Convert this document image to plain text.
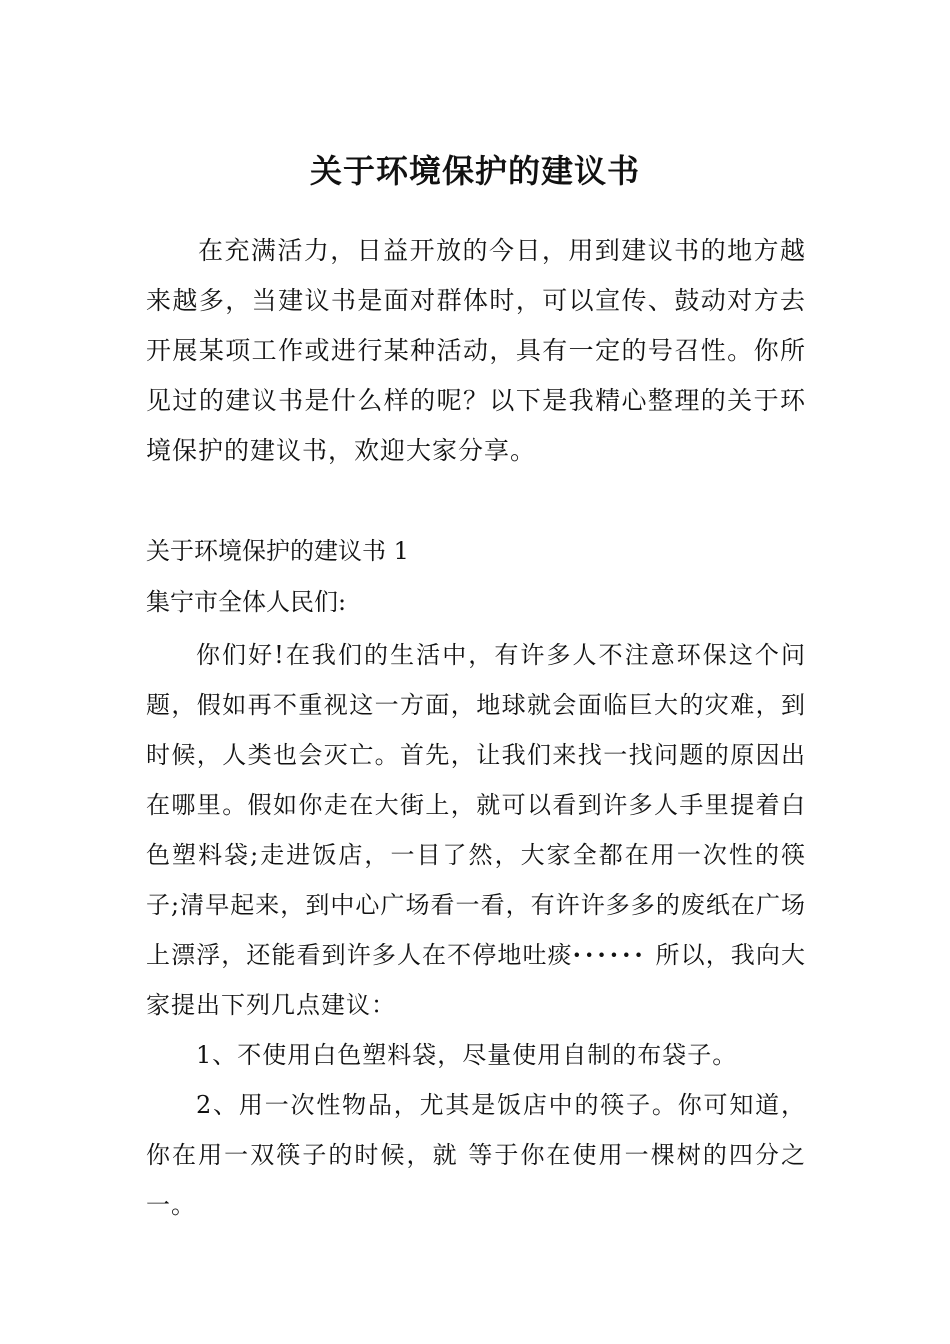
关于环境保护的建议书

在充满活力，日益开放的今日，用到建议书的地方越来越多，当建议书是面对群体时，可以宣传、鼓动对方去开展某项工作或进行某种活动，具有一定的号召性。你所见过的建议书是什么样的呢？以下是我精心整理的关于环境保护的建议书，欢迎大家分享。

关于环境保护的建议书 1

集宁市全体人民们:

你们好!在我们的生活中，有许多人不注意环保这个问题，假如再不重视这一方面，地球就会面临巨大的灾难，到时候，人类也会灭亡。首先，让我们来找一找问题的原因出在哪里。假如你走在大街上，就可以看到许多人手里提着白色塑料袋;走进饭店，一目了然，大家全都在用一次性的筷子;清早起来，到中心广场看一看，有许许多多的废纸在广场上漂浮，还能看到许多人在不停地吐痰······ 所以，我向大家提出下列几点建议：

1、不使用白色塑料袋，尽量使用自制的布袋子。

2、用一次性物品，尤其是饭店中的筷子。你可知道，你在用一双筷子的时候，就 等于你在使用一棵树的四分之一。
